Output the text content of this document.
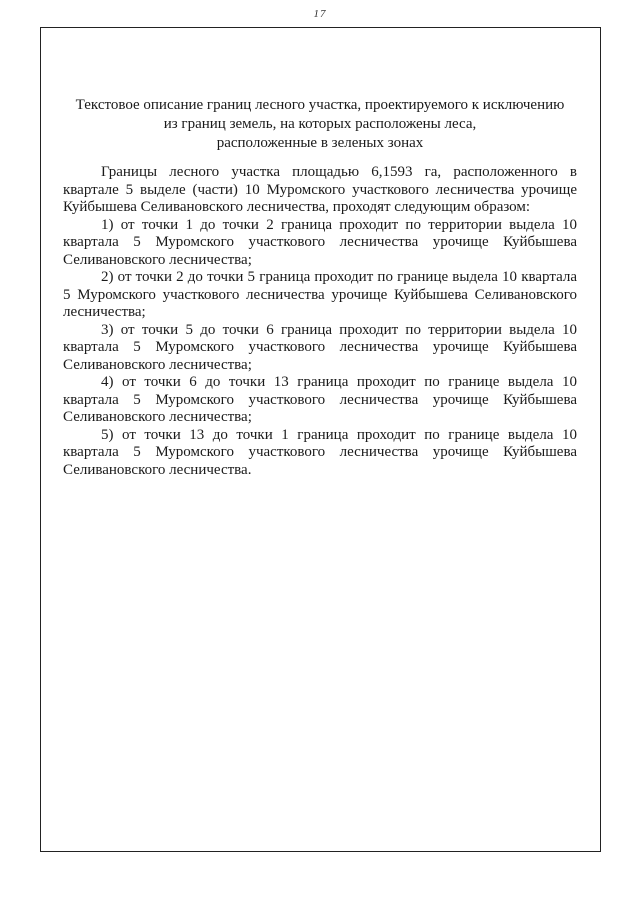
17
Текстовое описание границ лесного участка, проектируемого к исключению
из границ земель, на которых расположены леса,
расположенные в зеленых зонах

Границы лесного участка площадью 6,1593 га, расположенного в квартале 5 выделе (части) 10 Муромского участкового лесничества урочище Куйбышева Селивановского лесничества, проходят следующим образом:

1) от точки 1 до точки 2 граница проходит по территории выдела 10 квартала 5 Муромского участкового лесничества урочище Куйбышева Селивановского лесничества;

2) от точки 2 до точки 5 граница проходит по границе выдела 10 квартала 5 Муромского участкового лесничества урочище Куйбышева Селивановского лесничества;

3) от точки 5 до точки 6 граница проходит по территории выдела 10 квартала 5 Муромского участкового лесничества урочище Куйбышева Селивановского лесничества;

4) от точки 6 до точки 13 граница проходит по границе выдела 10 квартала 5 Муромского участкового лесничества урочище Куйбышева Селивановского лесничества;

5) от точки 13 до точки 1 граница проходит по границе выдела 10 квартала 5 Муромского участкового лесничества урочище Куйбышева Селивановского лесничества.
